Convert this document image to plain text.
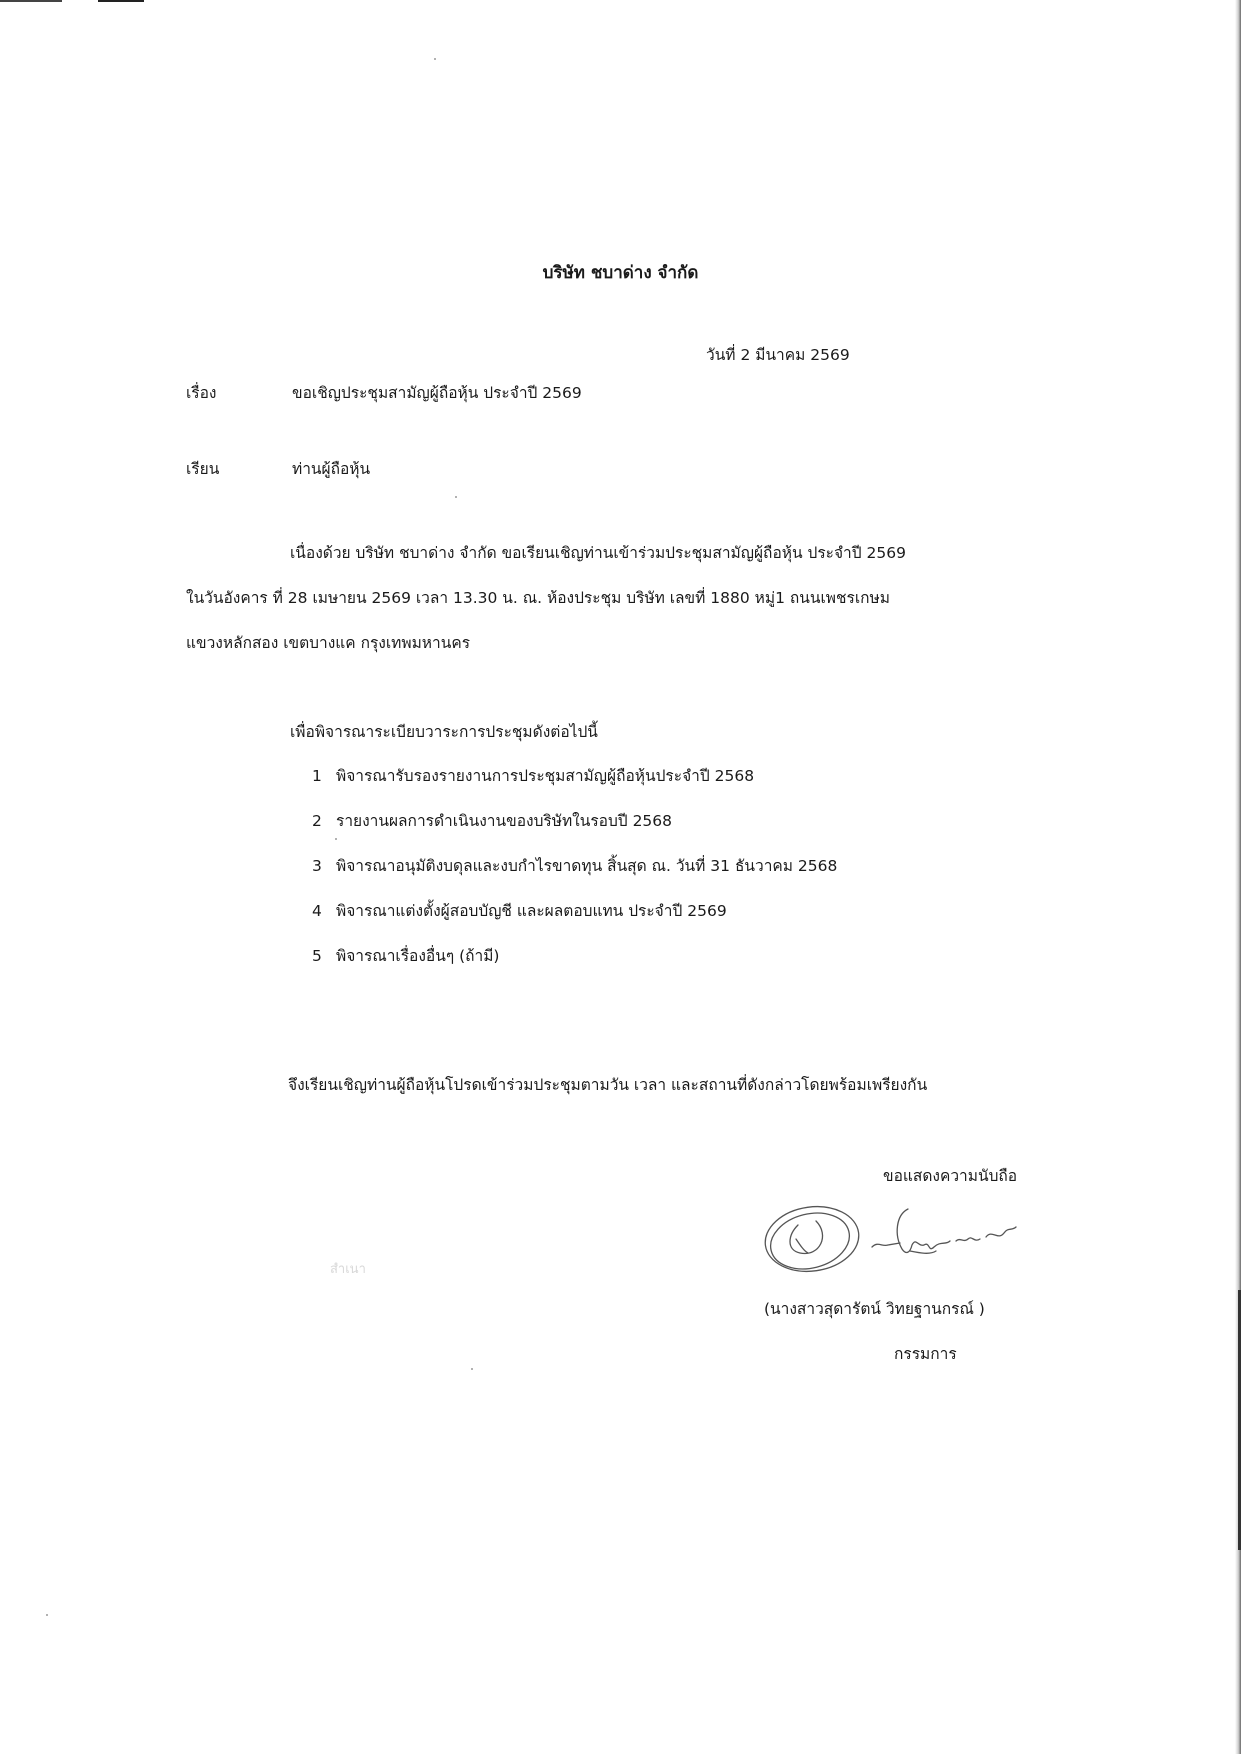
บริษัท ชบาด่าง จำกัด
วันที่ 2 มีนาคม 2569
เรื่อง	ขอเชิญประชุมสามัญผู้ถือหุ้น ประจำปี 2569
เรียน	ท่านผู้ถือหุ้น
เนื่องด้วย บริษัท ชบาด่าง จำกัด ขอเรียนเชิญท่านเข้าร่วมประชุมสามัญผู้ถือหุ้น ประจำปี 2569
ในวันอังคาร ที่ 28 เมษายน 2569 เวลา 13.30 น. ณ. ห้องประชุม บริษัท เลขที่ 1880 หมู่1 ถนนเพชรเกษม
แขวงหลักสอง เขตบางแค กรุงเทพมหานคร
เพื่อพิจารณาระเบียบวาระการประชุมดังต่อไปนี้
1 พิจารณารับรองรายงานการประชุมสามัญผู้ถือหุ้นประจำปี 2568
2 รายงานผลการดำเนินงานของบริษัทในรอบปี 2568
3 พิจารณาอนุมัติงบดุลและงบกำไรขาดทุน สิ้นสุด ณ. วันที่ 31 ธันวาคม 2568
4 พิจารณาแต่งตั้งผู้สอบบัญชี และผลตอบแทน ประจำปี 2569
5 พิจารณาเรื่องอื่นๆ (ถ้ามี)
จึงเรียนเชิญท่านผู้ถือหุ้นโปรดเข้าร่วมประชุมตามวัน เวลา และสถานที่ดังกล่าวโดยพร้อมเพรียงกัน
ขอแสดงความนับถือ
(นางสาวสุดารัตน์ วิทยฐานกรณ์ )
กรรมการ
สำเนา
